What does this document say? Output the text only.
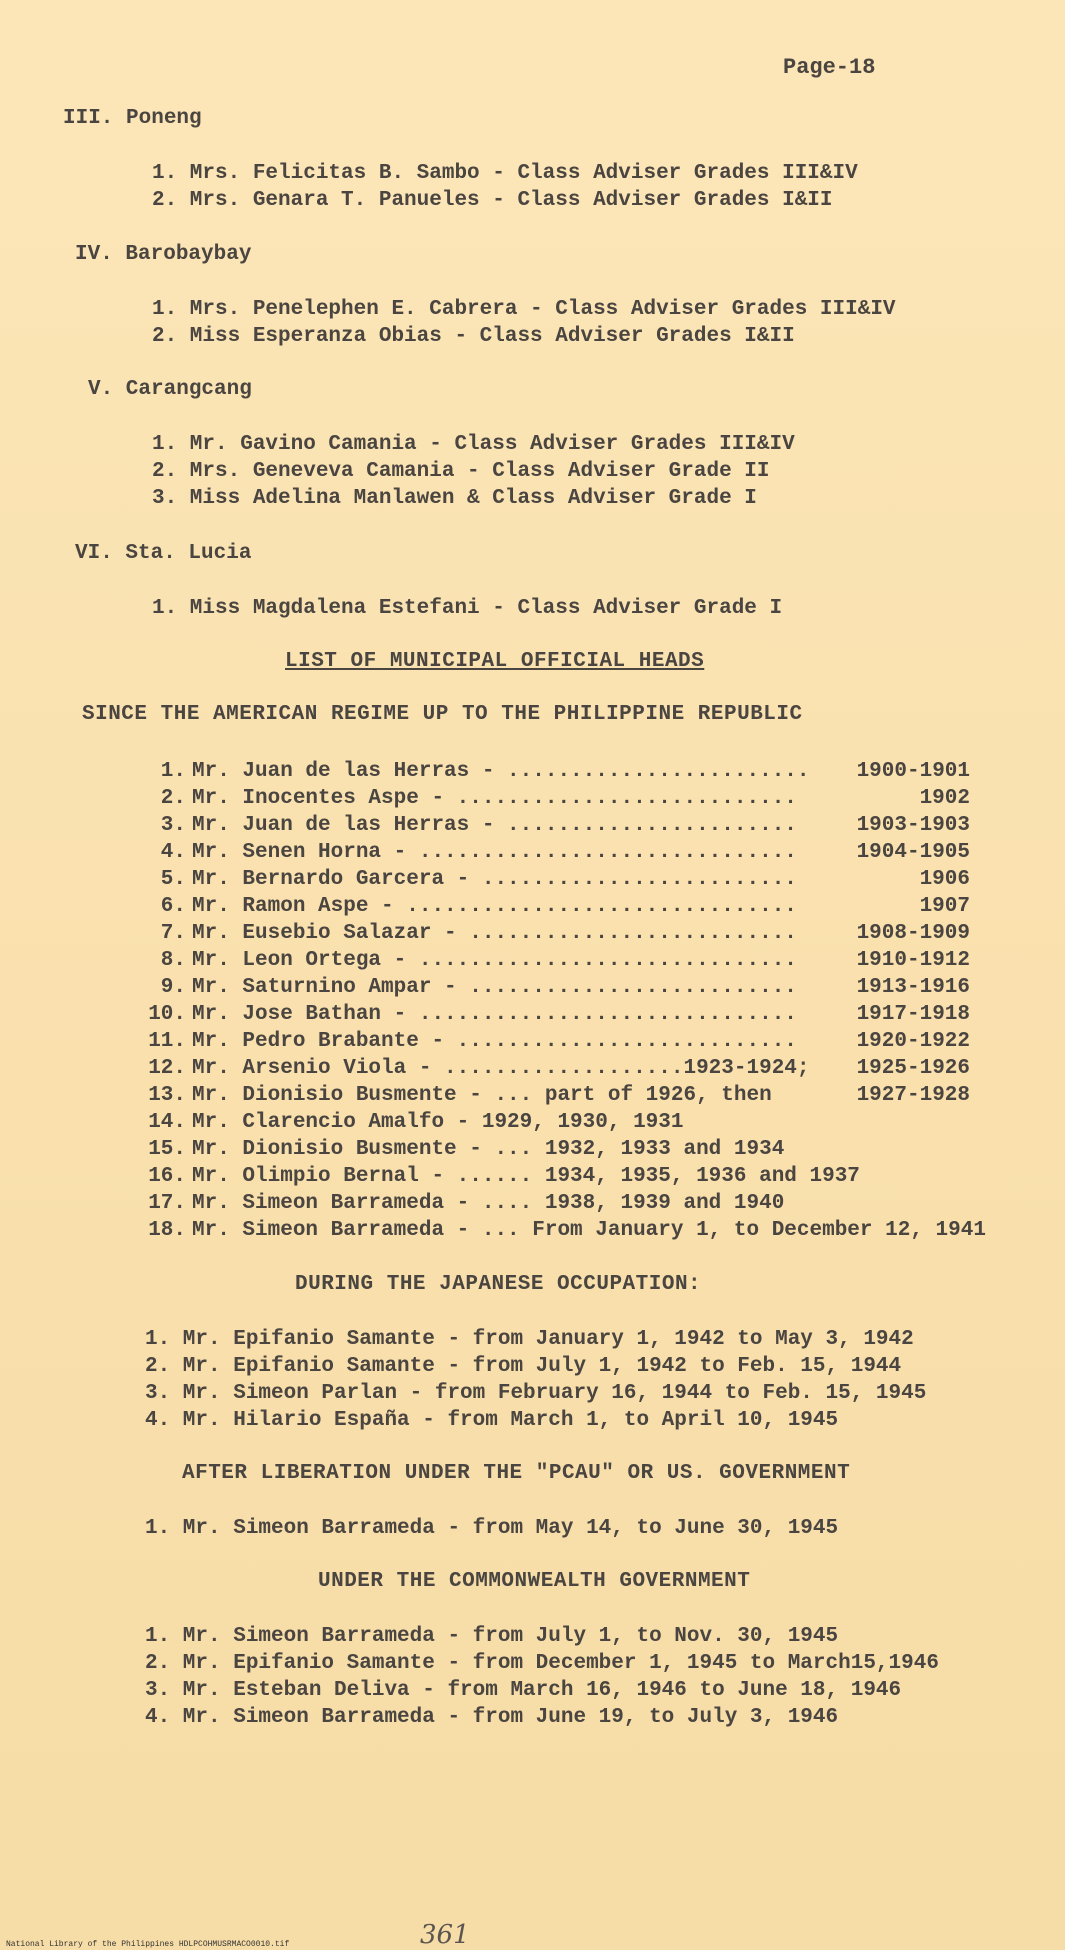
Page-18
III. Poneng
1. Mrs. Felicitas B. Sambo - Class Adviser Grades III&IV
2. Mrs. Genara T. Panueles - Class Adviser Grades I&II
IV. Barobaybay
1. Mrs. Penelephen E. Cabrera - Class Adviser Grades III&IV
2. Miss Esperanza Obias - Class Adviser Grades I&II
V. Carangcang
1. Mr. Gavino Camania - Class Adviser Grades III&IV
2. Mrs. Geneveva Camania - Class Adviser Grade II
3. Miss Adelina Manlawen & Class Adviser Grade I
VI. Sta. Lucia
1. Miss Magdalena Estefani - Class Adviser Grade I
LIST OF MUNICIPAL OFFICIAL HEADS
SINCE THE AMERICAN REGIME UP TO THE PHILIPPINE REPUBLIC
1. Mr. Juan de las Herras - ........................ 1900-1901
2. Mr. Inocentes Aspe - ...........................	1902
3. Mr. Juan de las Herras - .......................	1903-1903
4. Mr. Senen Horna - ..............................	1904-1905
5. Mr. Bernardo Garcera - .........................	1906
6. Mr. Ramon Aspe - ...............................	1907
7. Mr. Eusebio Salazar - ..........................	1908-1909
8. Mr. Leon Ortega - ..............................	1910-1912
9. Mr. Saturnino Ampar - ..........................	1913-1916
10. Mr. Jose Bathan - ..............................	1917-1918
11. Mr. Pedro Brabante - ...........................	1920-1922
12. Mr. Arsenio Viola - ...................1923-1924; 1925-1926
13. Mr. Dionisio Busmente - ... part of 1926, then	1927-1928
14. Mr. Clarencio Amalfo - 1929, 1930, 1931
15. Mr. Dionisio Busmente - ... 1932, 1933 and 1934
16. Mr. Olimpio Bernal - ...... 1934, 1935, 1936 and 1937
17. Mr. Simeon Barrameda - .... 1938, 1939 and 1940
18. Mr. Simeon Barrameda - ... From January 1, to December 12, 1941
DURING THE JAPANESE OCCUPATION:
1. Mr. Epifanio Samante - from January 1, 1942 to May 3, 1942
2. Mr. Epifanio Samante - from July 1, 1942 to Feb. 15, 1944
3. Mr. Simeon Parlan - from February 16, 1944 to Feb. 15, 1945
4. Mr. Hilario España - from March 1, to April 10, 1945
AFTER LIBERATION UNDER THE "PCAU" OR US. GOVERNMENT
1. Mr. Simeon Barrameda - from May 14, to June 30, 1945
UNDER THE COMMONWEALTH GOVERNMENT
1. Mr. Simeon Barrameda - from July 1, to Nov. 30, 1945
2. Mr. Epifanio Samante - from December 1, 1945 to March15,1946
3. Mr. Esteban Deliva - from March 16, 1946 to June 18, 1946
4. Mr. Simeon Barrameda - from June 19, to July 3, 1946
361
National Library of the Philippines HDLPCOHMUSRMACO0010.tif
